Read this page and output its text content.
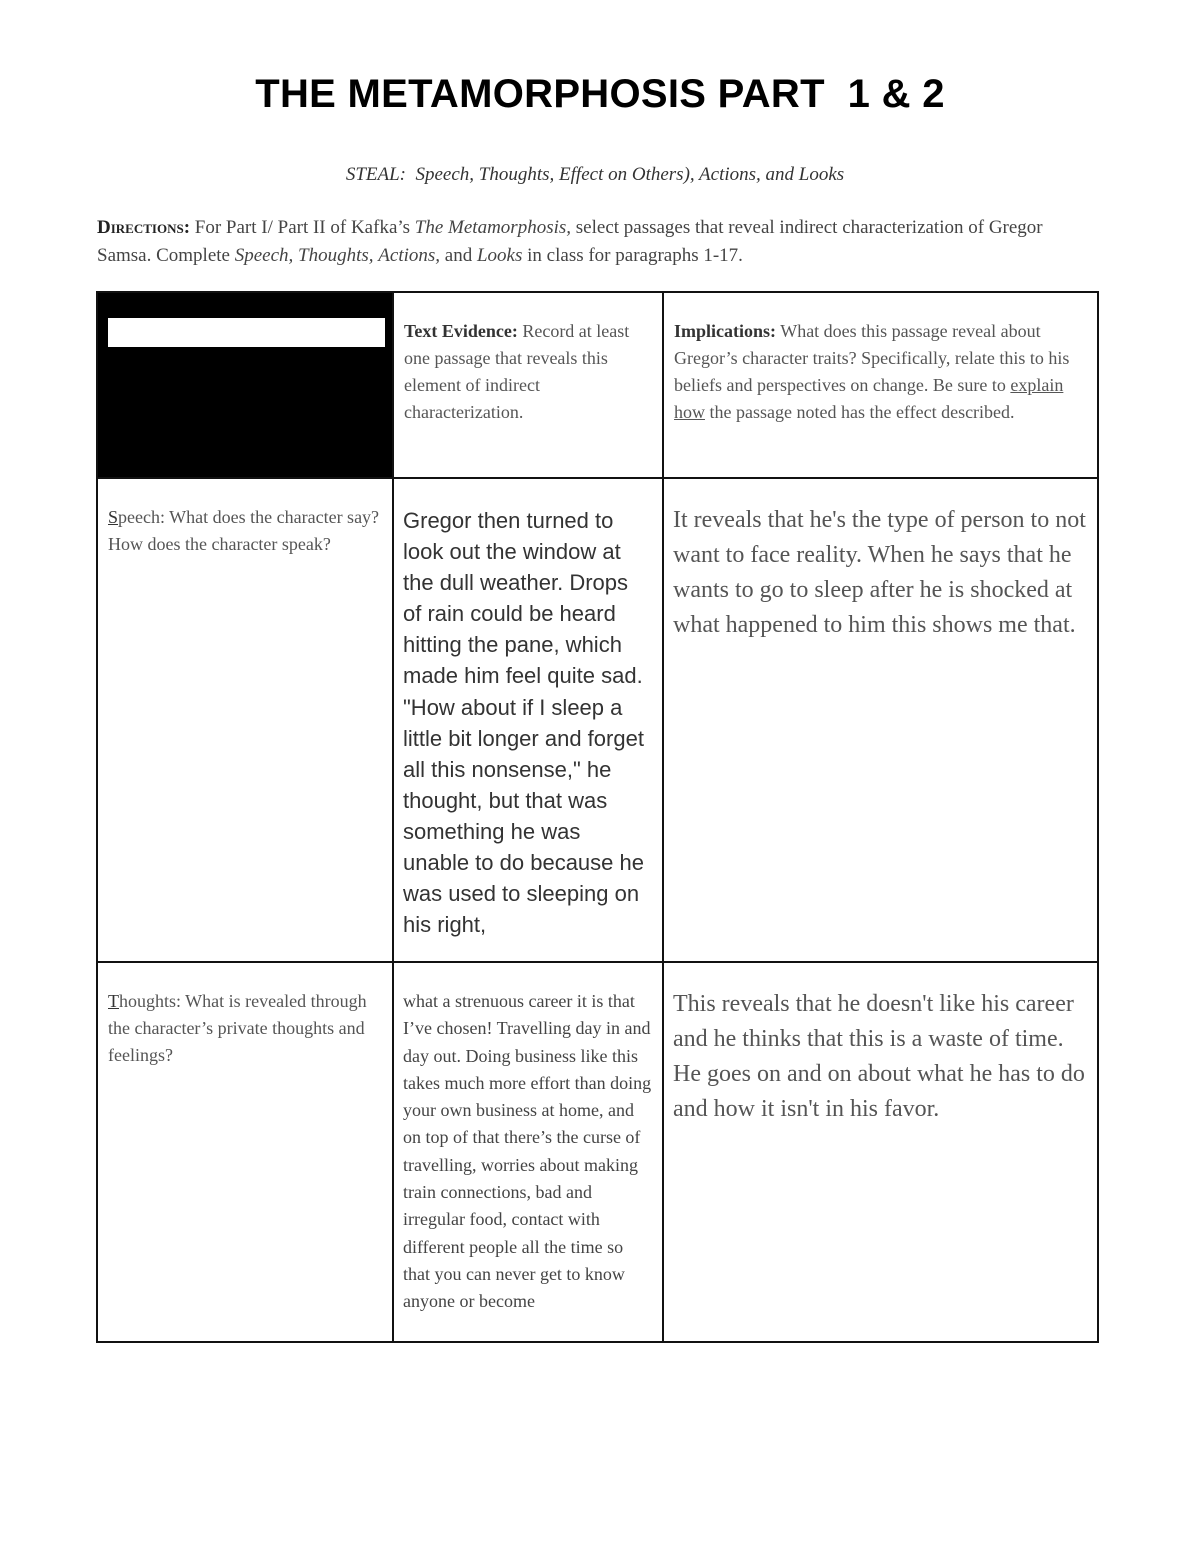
THE METAMORPHOSIS PART  1 & 2
STEAL: Speech, Thoughts, Effect on Others), Actions, and Looks
Directions: For Part I/ Part II of Kafka’s The Metamorphosis, select passages that reveal indirect characterization of Gregor Samsa. Complete Speech, Thoughts, Actions, and Looks in class for paragraphs 1-17.

	Text Evidence: Record at least one passage that reveals this element of indirect characterization.	Implications: What does this passage reveal about Gregor’s character traits? Specifically, relate this to his beliefs and perspectives on change. Be sure to explain how the passage noted has the effect described.

Speech: What does the character say? How does the character speak?	Gregor then turned to look out the window at the dull weather. Drops of rain could be heard hitting the pane, which made him feel quite sad. "How about if I sleep a little bit longer and forget all this nonsense," he thought, but that was something he was unable to do because he was used to sleeping on his right,	It reveals that he's the type of person to not want to face reality. When he says that he wants to go to sleep after he is shocked at what happened to him this shows me that.

Thoughts: What is revealed through the character’s private thoughts and feelings?	what a strenuous career it is that I’ve chosen! Travelling day in and day out. Doing business like this takes much more effort than doing your own business at home, and on top of that there’s the curse of travelling, worries about making train connections, bad and irregular food, contact with different people all the time so that you can never get to know anyone or become	This reveals that he doesn't like his career and he thinks that this is a waste of time. He goes on and on about what he has to do and how it isn't in his favor.
